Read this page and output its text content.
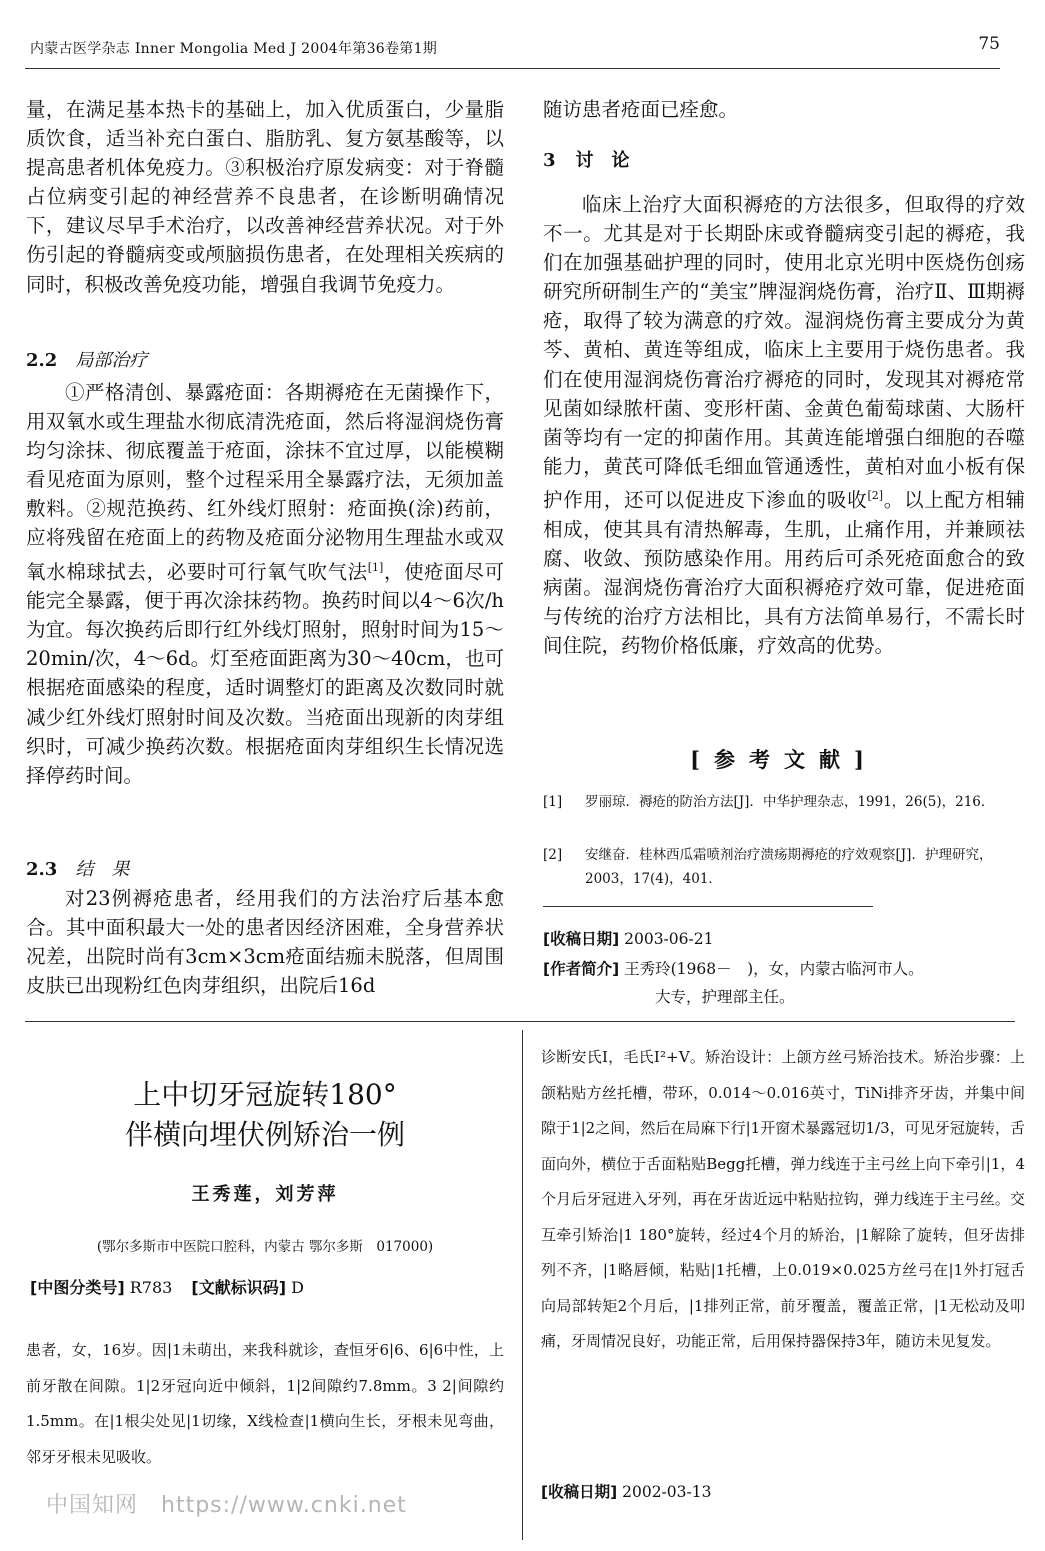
内蒙古医学杂志 Inner Mongolia Med J 2004年第36卷第1期	75

量，在满足基本热卡的基础上，加入优质蛋白，少量脂质饮食，适当补充白蛋白、脂肪乳、复方氨基酸等，以提高患者机体免疫力。③积极治疗原发病变：对于脊髓占位病变引起的神经营养不良患者，在诊断明确情况下，建议尽早手术治疗，以改善神经营养状况。对于外伤引起的脊髓病变或颅脑损伤患者，在处理相关疾病的同时，积极改善免疫功能，增强自我调节免疫力。

2.2 局部治疗

①严格清创、暴露疮面：各期褥疮在无菌操作下，用双氧水或生理盐水彻底清洗疮面，然后将湿润烧伤膏均匀涂抹、彻底覆盖于疮面，涂抹不宜过厚，以能模糊看见疮面为原则，整个过程采用全暴露疗法，无须加盖敷料。②规范换药、红外线灯照射：疮面换(涂)药前，应将残留在疮面上的药物及疮面分泌物用生理盐水或双氧水棉球拭去，必要时可行氧气吹气法[1]，使疮面尽可能完全暴露，便于再次涂抹药物。换药时间以4～6次/h为宜。每次换药后即行红外线灯照射，照射时间为15～20min/次，4～6d。灯至疮面距离为30～40cm，也可根据疮面感染的程度，适时调整灯的距离及次数同时就减少红外线灯照射时间及次数。当疮面出现新的肉芽组织时，可减少换药次数。根据疮面肉芽组织生长情况选择停药时间。

2.3 结　果

对23例褥疮患者，经用我们的方法治疗后基本愈合。其中面积最大一处的患者因经济困难，全身营养状况差，出院时尚有3cm×3cm疮面结痂未脱落，但周围皮肤已出现粉红色肉芽组织，出院后16d

随访患者疮面已痊愈。

3 讨　论

临床上治疗大面积褥疮的方法很多，但取得的疗效不一。尤其是对于长期卧床或脊髓病变引起的褥疮，我们在加强基础护理的同时，使用北京光明中医烧伤创疡研究所研制生产的“美宝”牌湿润烧伤膏，治疗Ⅱ、Ⅲ期褥疮，取得了较为满意的疗效。湿润烧伤膏主要成分为黄芩、黄柏、黄连等组成，临床上主要用于烧伤患者。我们在使用湿润烧伤膏治疗褥疮的同时，发现其对褥疮常见菌如绿脓杆菌、变形杆菌、金黄色葡萄球菌、大肠杆菌等均有一定的抑菌作用。其黄连能增强白细胞的吞噬能力，黄芪可降低毛细血管通透性，黄柏对血小板有保护作用，还可以促进皮下渗血的吸收[2]。以上配方相辅相成，使其具有清热解毒，生肌，止痛作用，并兼顾祛腐、收敛、预防感染作用。用药后可杀死疮面愈合的致病菌。湿润烧伤膏治疗大面积褥疮疗效可靠，促进疮面与传统的治疗方法相比，具有方法简单易行，不需长时间住院，药物价格低廉，疗效高的优势。

[参考文献]
[1] 罗丽琼．褥疮的防治方法[J]．中华护理杂志，1991，26(5)，216．
[2] 安继奋．桂林西瓜霜喷剂治疗溃疡期褥疮的疗效观察[J]．护理研究，2003，17(4)，401．
[收稿日期] 2003-06-21
[作者简介] 王秀玲(1968－　)，女，内蒙古临河市人。
大专，护理部主任。
上中切牙冠旋转180°
伴横向埋伏例矫治一例

王秀莲，刘芳萍

(鄂尔多斯市中医院口腔科，内蒙古 鄂尔多斯　017000)

[中图分类号] R783 [文献标识码] D

患者，女，16岁。因|1未萌出，来我科就诊，查恒牙6|6、6|6中性，上前牙散在间隙。1|2牙冠向近中倾斜，1|2间隙约7.8mm。3 2|间隙约1.5mm。在|1根尖处见|1切缘，X线检查|1横向生长，牙根未见弯曲，邻牙牙根未见吸收。

诊断安氏Ⅰ，毛氏Ⅰ²+Ⅴ。矫治设计：上颌方丝弓矫治技术。矫治步骤：上颌粘贴方丝托槽，带环，0.014～0.016英寸，TiNi排齐牙齿，并集中间隙于1|2之间，然后在局麻下行|1开窗术暴露冠切1/3，可见牙冠旋转，舌面向外，横位于舌面粘贴Begg托槽，弹力线连于主弓丝上向下牵引|1，4个月后牙冠进入牙列，再在牙齿近远中粘贴拉钩，弹力线连于主弓丝。交互牵引矫治|1 180°旋转，经过4个月的矫治，|1解除了旋转，但牙齿排列不齐，|1略唇倾，粘贴|1托槽，上0.019×0.025方丝弓在|1外打冠舌向局部转矩2个月后，|1排列正常，前牙覆盖，覆盖正常，|1无松动及叩痛，牙周情况良好，功能正常，后用保持器保持3年，随访未见复发。

[收稿日期] 2002-03-13
中国知网　https://www.cnki.net
